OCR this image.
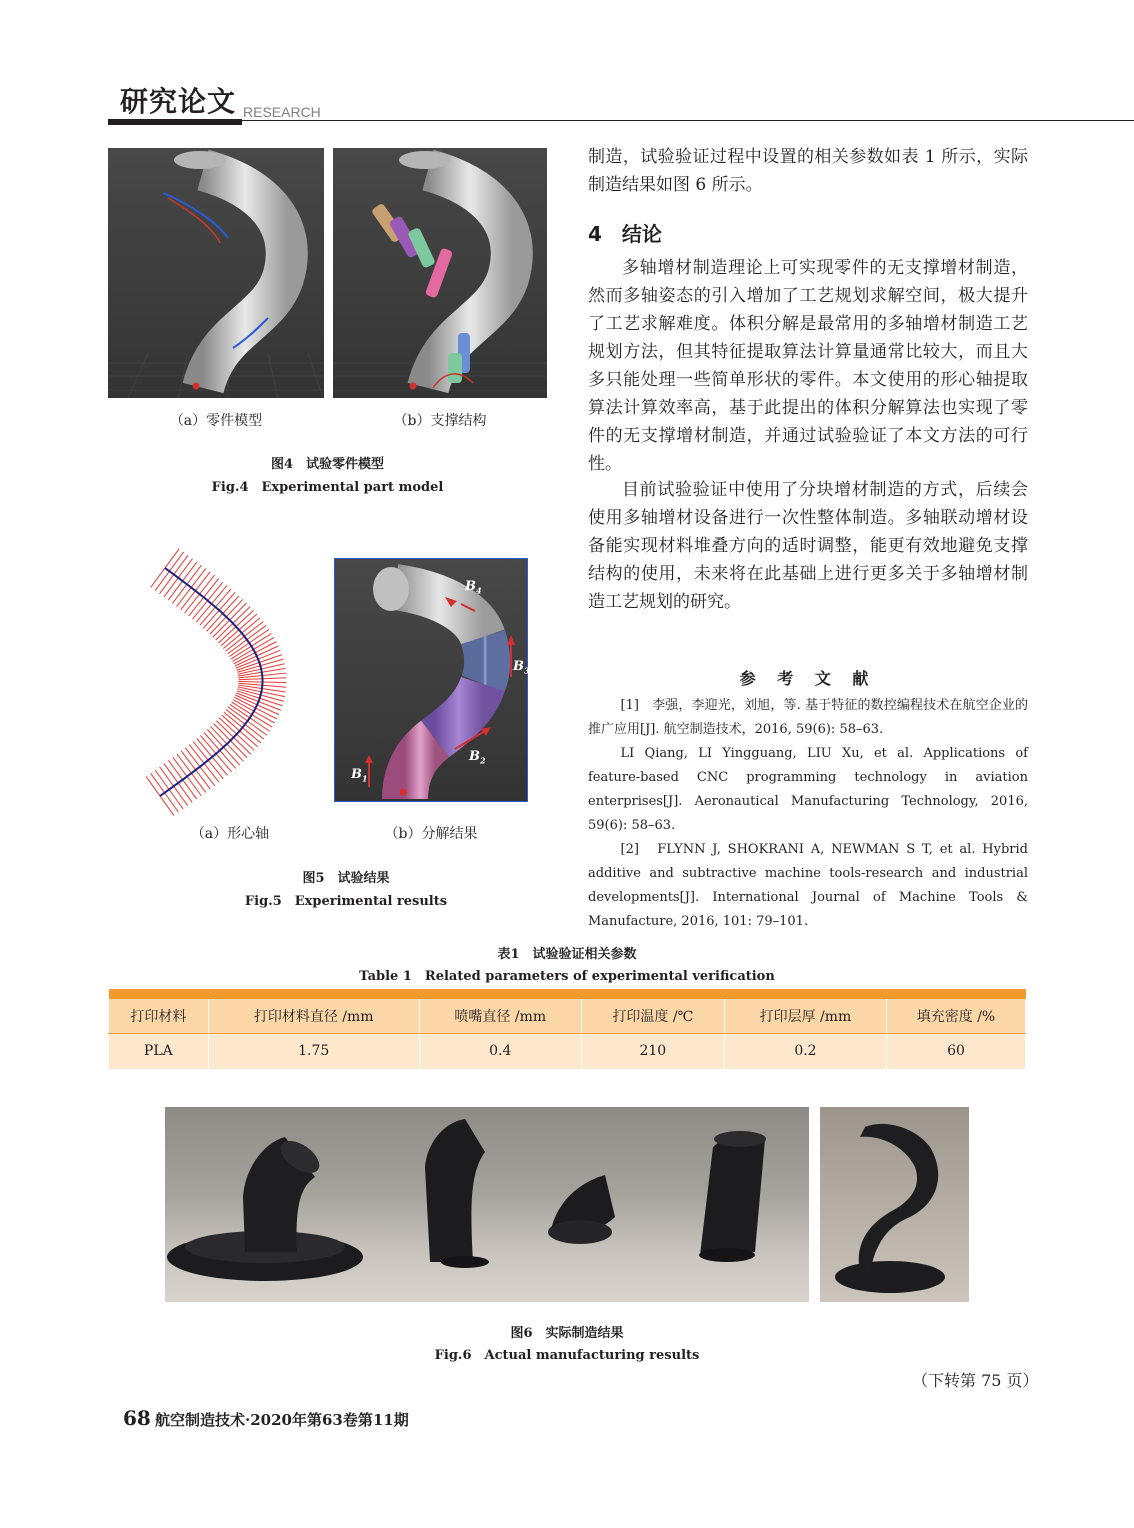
研究论文 RESEARCH
（a）零件模型	（b）支撑结构
图4　试验零件模型
Fig.4　Experimental part model
$B_4$
$B_3$
$B_2$
$B_1$
（a）形心轴	（b）分解结果
图5　试验结果
Fig.5　Experimental results
制造，试验验证过程中设置的相关参数如表 1 所示，实际制造结果如图 6 所示。
4　结论
多轴增材制造理论上可实现零件的无支撑增材制造，然而多轴姿态的引入增加了工艺规划求解空间，极大提升了工艺求解难度。体积分解是最常用的多轴增材制造工艺规划方法，但其特征提取算法计算量通常比较大，而且大多只能处理一些简单形状的零件。本文使用的形心轴提取算法计算效率高，基于此提出的体积分解算法也实现了零件的无支撑增材制造，并通过试验验证了本文方法的可行性。
目前试验验证中使用了分块增材制造的方式，后续会使用多轴增材设备进行一次性整体制造。多轴联动增材设备能实现材料堆叠方向的适时调整，能更有效地避免支撑结构的使用，未来将在此基础上进行更多关于多轴增材制造工艺规划的研究。
参 考 文 献

[1]　李强，李迎光，刘旭，等. 基于特征的数控编程技术在航空企业的推广应用[J]. 航空制造技术，2016, 59(6): 58–63.

LI Qiang, LI Yingguang, LIU Xu, et al. Applications of feature-based CNC programming technology in aviation enterprises[J]. Aeronautical Manufacturing Technology, 2016, 59(6): 58–63.

[2]　FLYNN J, SHOKRANI A, NEWMAN S T, et al. Hybrid additive and subtractive machine tools-research and industrial developments[J]. International Journal of Machine Tools & Manufacture, 2016, 101: 79–101.

表1　试验验证相关参数
Table 1　Related parameters of experimental verification

打印材料	打印材料直径 /mm	喷嘴直径 /mm	打印温度 /℃	打印层厚 /mm	填充密度 /%
PLA	1.75	0.4	210	0.2	60
图6　实际制造结果
Fig.6　Actual manufacturing results
（下转第 75 页）
68 航空制造技术·2020年第63卷第11期
